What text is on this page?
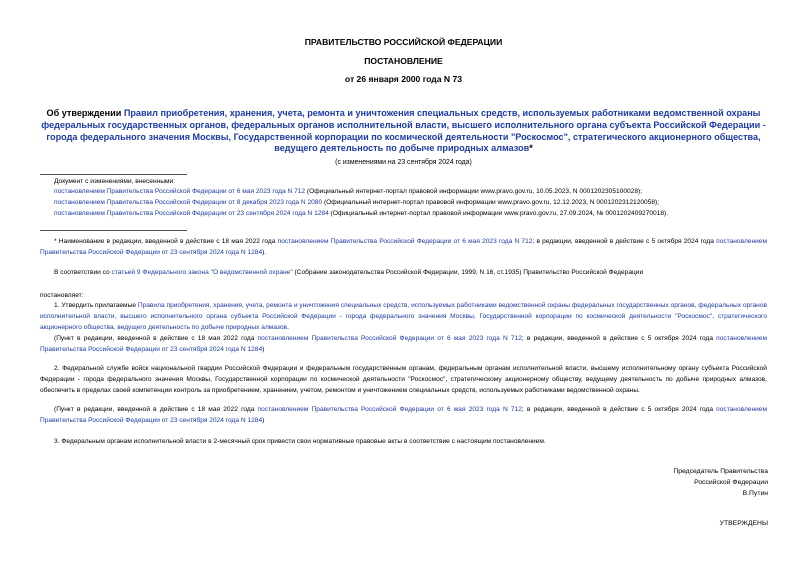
ПРАВИТЕЛЬСТВО РОССИЙСКОЙ ФЕДЕРАЦИИ
ПОСТАНОВЛЕНИЕ
от 26 января 2000 года N 73
Об утверждении Правил приобретения, хранения, учета, ремонта и уничтожения специальных средств, используемых работниками ведомственной охраны федеральных государственных органов, федеральных органов исполнительной власти, высшего исполнительного органа субъекта Российской Федерации - города федерального значения Москвы, Государственной корпорации по космической деятельности "Роскосмос", стратегического акционерного общества, ведущего деятельность по добыче природных алмазов*
(с изменениями на 23 сентября 2024 года)
Документ с изменениями, внесенными:
постановлением Правительства Российской Федерации от 6 мая 2023 года N 712 (Официальный интернет-портал правовой информации www.pravo.gov.ru, 10.05.2023, N 0001202305100028);
постановлением Правительства Российской Федерации от 8 декабря 2023 года N 2080 (Официальный интернет-портал правовой информации www.pravo.gov.ru, 12.12.2023, N 0001202312120058);
постановлением Правительства Российской Федерации от 23 сентября 2024 года N 1284 (Официальный интернет-портал правовой информации www.pravo.gov.ru, 27.09.2024, № 0001202409270018).
* Наименование в редакции, введенной в действие с 18 мая 2022 года постановлением Правительства Российской Федерации от 6 мая 2023 года N 712; в редакции, введенной в действие с 5 октября 2024 года постановлением Правительства Российской Федерации от 23 сентября 2024 года N 1284).
В соответствии со статьей 9 Федерального закона "О ведомственной охране" (Собрание законодательства Российской Федерации, 1999, N 16, ст.1935) Правительство Российской Федерации
постановляет:
1. Утвердить прилагаемые Правила приобретения, хранения, учета, ремонта и уничтожения специальных средств, используемых работниками ведомственной охраны федеральных государственных органов, федеральных органов исполнительной власти, высшего исполнительного органа субъекта Российской Федерации - города федерального значения Москвы, Государственной корпорации по космической деятельности "Роскосмос", стратегического акционерного общества, ведущего деятельность по добыче природных алмазов.
(Пункт в редакции, введенной в действие с 18 мая 2022 года постановлением Правительства Российской Федерации от 6 мая 2023 года N 712; в редакции, введенной в действие с 5 октября 2024 года постановлением Правительства Российской Федерации от 23 сентября 2024 года N 1284)
2. Федеральной службе войск национальной гвардии Российской Федерации и федеральным государственным органам, федеральным органам исполнительной власти, высшему исполнительному органу субъекта Российской Федерации - города федерального значения Москвы, Государственной корпорации по космической деятельности "Роскосмос", стратегическому акционерному обществу, ведущему деятельность по добыче природных алмазов, обеспечить в пределах своей компетенции контроль за приобретением, хранением, учетом, ремонтом и уничтожением специальных средств, используемых работниками ведомственной охраны.
(Пункт в редакции, введенной в действие с 18 мая 2022 года постановлением Правительства Российской Федерации от 6 мая 2023 года N 712; в редакции, введенной в действие с 5 октября 2024 года постановлением Правительства Российской Федерации от 23 сентября 2024 года N 1284)
3. Федеральным органам исполнительной власти в 2-месячный срок привести свои нормативные правовые акты в соответствие с настоящим постановлением.
Председатель Правительства
Российской Федерации
В.Путин
УТВЕРЖДЕНЫ
